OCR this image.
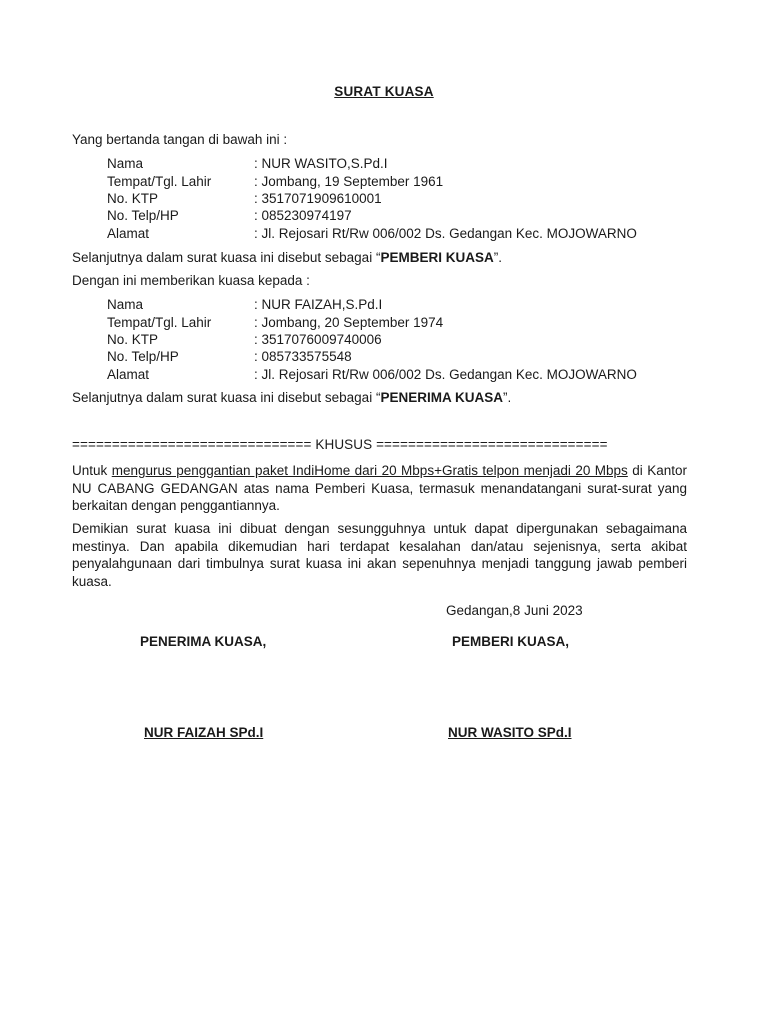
SURAT KUASA
Yang bertanda tangan di bawah ini :
Nama	: NUR WASITO,S.Pd.I
Tempat/Tgl. Lahir	: Jombang, 19 September 1961
No. KTP	: 3517071909610001
No. Telp/HP	: 085230974197
Alamat	: Jl. Rejosari Rt/Rw 006/002 Ds. Gedangan Kec. MOJOWARNO
Selanjutnya dalam surat kuasa ini disebut sebagai “PEMBERI KUASA”.
Dengan ini memberikan kuasa kepada :
Nama	: NUR FAIZAH,S.Pd.I
Tempat/Tgl. Lahir	: Jombang, 20 September 1974
No. KTP	: 3517076009740006
No. Telp/HP	: 085733575548
Alamat	: Jl. Rejosari Rt/Rw 006/002 Ds. Gedangan Kec. MOJOWARNO
Selanjutnya dalam surat kuasa ini disebut sebagai “PENERIMA KUASA”.
============================== KHUSUS =============================
Untuk mengurus penggantian paket IndiHome dari 20 Mbps+Gratis telpon menjadi 20 Mbps di Kantor NU CABANG GEDANGAN atas nama Pemberi Kuasa, termasuk menandatangani surat-surat yang berkaitan dengan penggantiannya.
Demikian surat kuasa ini dibuat dengan sesungguhnya untuk dapat dipergunakan sebagaimana mestinya. Dan apabila dikemudian hari terdapat kesalahan dan/atau sejenisnya, serta akibat penyalahgunaan dari timbulnya surat kuasa ini akan sepenuhnya menjadi tanggung jawab pemberi kuasa.
Gedangan,8 Juni 2023
PENERIMA KUASA,	PEMBERI KUASA,
NUR FAIZAH SPd.I	NUR WASITO SPd.I
